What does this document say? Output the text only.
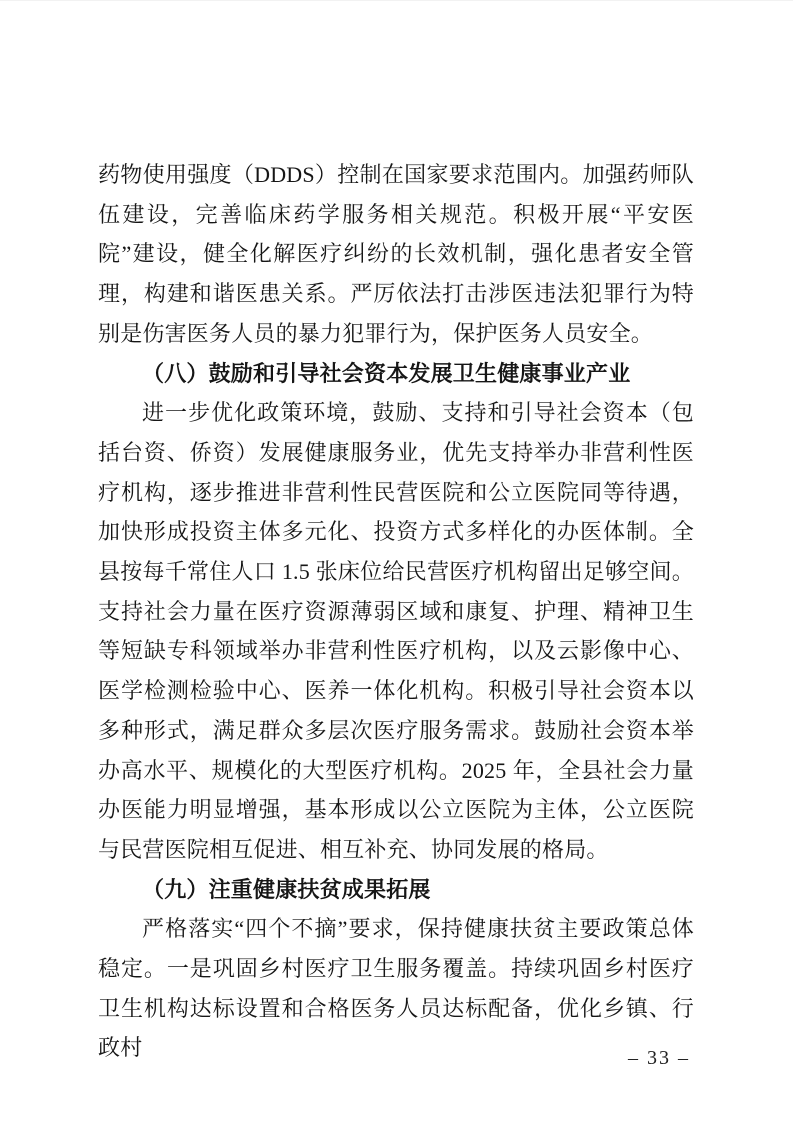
药物使用强度（DDDS）控制在国家要求范围内。加强药师队伍建设，完善临床药学服务相关规范。积极开展“平安医院”建设，健全化解医疗纠纷的长效机制，强化患者安全管理，构建和谐医患关系。严厉依法打击涉医违法犯罪行为特别是伤害医务人员的暴力犯罪行为，保护医务人员安全。

（八）鼓励和引导社会资本发展卫生健康事业产业

进一步优化政策环境，鼓励、支持和引导社会资本（包括台资、侨资）发展健康服务业，优先支持举办非营利性医疗机构，逐步推进非营利性民营医院和公立医院同等待遇，加快形成投资主体多元化、投资方式多样化的办医体制。全县按每千常住人口 1.5 张床位给民营医疗机构留出足够空间。支持社会力量在医疗资源薄弱区域和康复、护理、精神卫生等短缺专科领域举办非营利性医疗机构，以及云影像中心、医学检测检验中心、医养一体化机构。积极引导社会资本以多种形式，满足群众多层次医疗服务需求。鼓励社会资本举办高水平、规模化的大型医疗机构。2025 年，全县社会力量办医能力明显增强，基本形成以公立医院为主体，公立医院与民营医院相互促进、相互补充、协同发展的格局。

（九）注重健康扶贫成果拓展

严格落实“四个不摘”要求，保持健康扶贫主要政策总体稳定。一是巩固乡村医疗卫生服务覆盖。持续巩固乡村医疗卫生机构达标设置和合格医务人员达标配备，优化乡镇、行政村	– 33 –
